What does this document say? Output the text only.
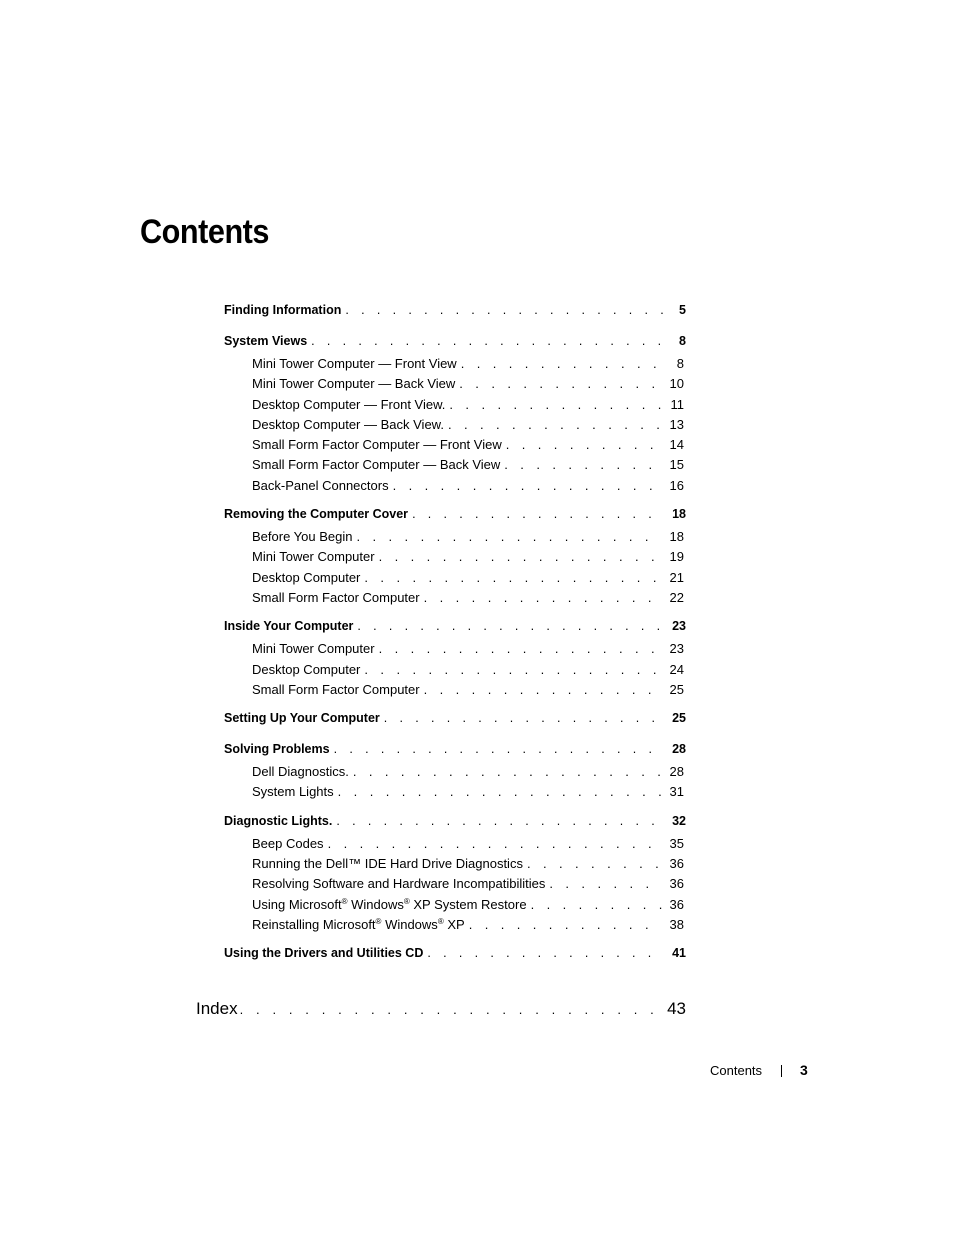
Contents
Finding Information . . .	5
System Views . . .	8
Mini Tower Computer — Front View . . .	8
Mini Tower Computer — Back View . . .	10
Desktop Computer — Front View. . . .	11
Desktop Computer — Back View. . . .	13
Small Form Factor Computer — Front View . . .	14
Small Form Factor Computer — Back View . . .	15
Back-Panel Connectors . . .	16
Removing the Computer Cover . . .	18
Before You Begin . . .	18
Mini Tower Computer . . .	19
Desktop Computer . . .	21
Small Form Factor Computer . . .	22
Inside Your Computer . . .	23
Mini Tower Computer . . .	23
Desktop Computer . . .	24
Small Form Factor Computer . . .	25
Setting Up Your Computer . . .	25
Solving Problems . . .	28
Dell Diagnostics. . . .	28
System Lights . . .	31
Diagnostic Lights. . . .	32
Beep Codes . . .	35
Running the Dell™ IDE Hard Drive Diagnostics . . .	36
Resolving Software and Hardware Incompatibilities . . .	36
Using Microsoft® Windows® XP System Restore . . .	36
Reinstalling Microsoft® Windows® XP . . .	38
Using the Drivers and Utilities CD . . .	41
Index . . .	43
Contents	3
